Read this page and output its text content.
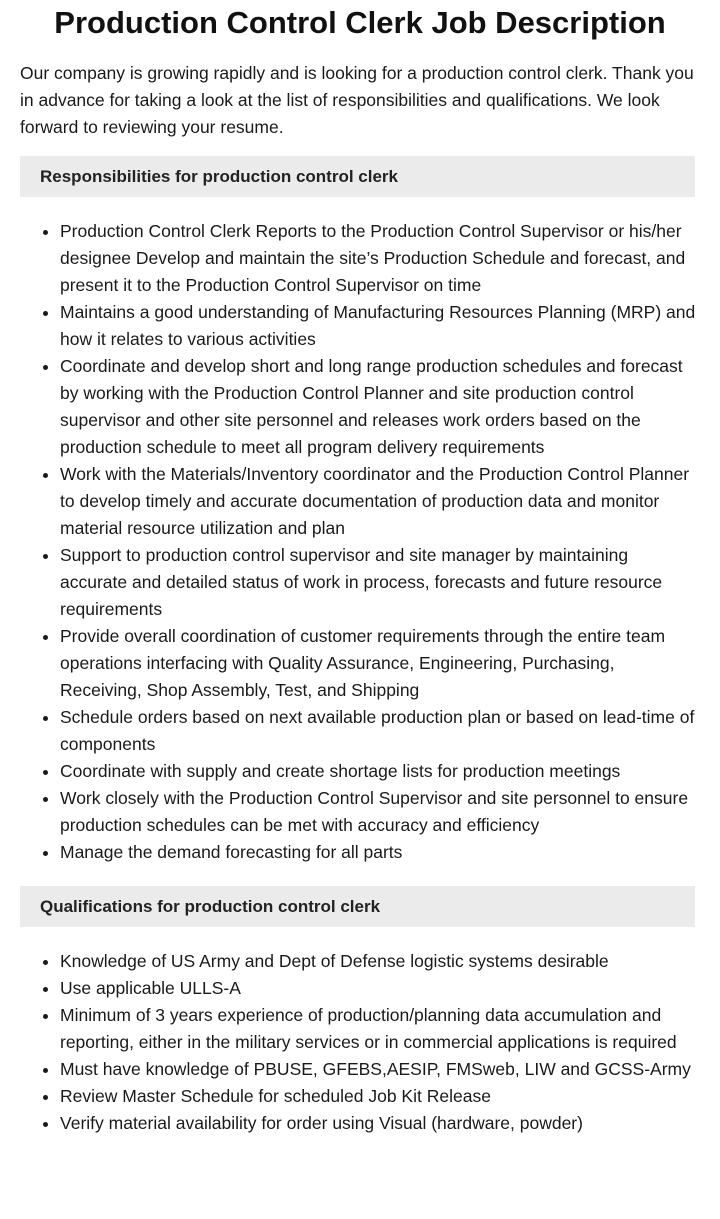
Production Control Clerk Job Description

Our company is growing rapidly and is looking for a production control clerk. Thank you in advance for taking a look at the list of responsibilities and qualifications. We look forward to reviewing your resume.

Responsibilities for production control clerk
• Production Control Clerk Reports to the Production Control Supervisor or his/her designee Develop and maintain the site’s Production Schedule and forecast, and present it to the Production Control Supervisor on time
• Maintains a good understanding of Manufacturing Resources Planning (MRP) and how it relates to various activities
• Coordinate and develop short and long range production schedules and forecast by working with the Production Control Planner and site production control supervisor and other site personnel and releases work orders based on the production schedule to meet all program delivery requirements
• Work with the Materials/Inventory coordinator and the Production Control Planner to develop timely and accurate documentation of production data and monitor material resource utilization and plan
• Support to production control supervisor and site manager by maintaining accurate and detailed status of work in process, forecasts and future resource requirements
• Provide overall coordination of customer requirements through the entire team operations interfacing with Quality Assurance, Engineering, Purchasing, Receiving, Shop Assembly, Test, and Shipping
• Schedule orders based on next available production plan or based on lead-time of components
• Coordinate with supply and create shortage lists for production meetings
• Work closely with the Production Control Supervisor and site personnel to ensure production schedules can be met with accuracy and efficiency
• Manage the demand forecasting for all parts
Qualifications for production control clerk
• Knowledge of US Army and Dept of Defense logistic systems desirable
• Use applicable ULLS-A
• Minimum of 3 years experience of production/planning data accumulation and reporting, either in the military services or in commercial applications is required
• Must have knowledge of PBUSE, GFEBS,AESIP, FMSweb, LIW and GCSS-Army
• Review Master Schedule for scheduled Job Kit Release
• Verify material availability for order using Visual (hardware, powder)
